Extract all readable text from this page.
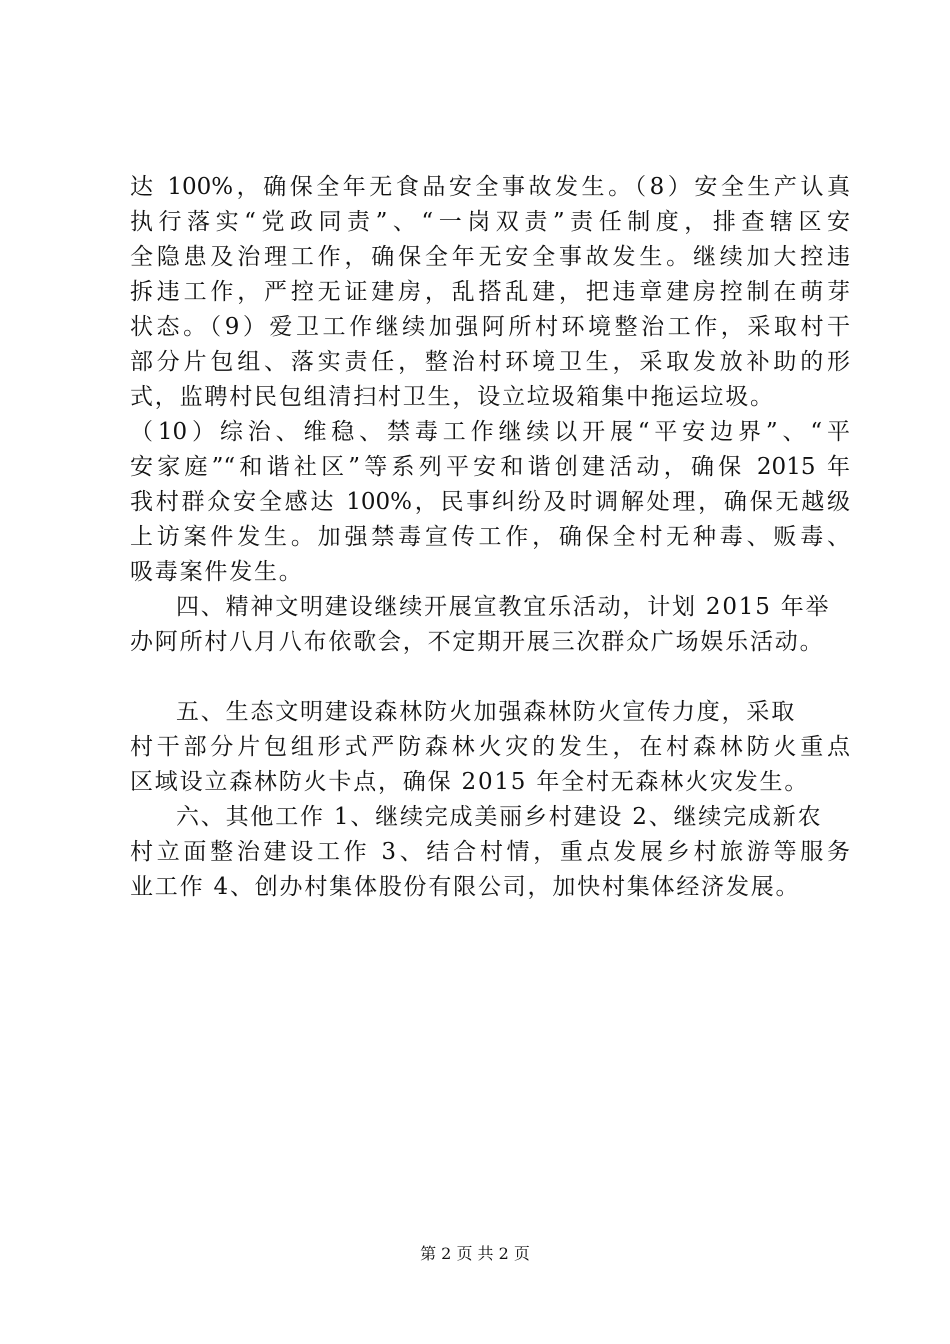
达 100%，确保全年无食品安全事故发生。（8）安全生产认真
执行落实“党政同责”、“一岗双责”责任制度，排查辖区安
全隐患及治理工作，确保全年无安全事故发生。继续加大控违
拆违工作，严控无证建房，乱搭乱建，把违章建房控制在萌芽
状态。（9）爱卫工作继续加强阿所村环境整治工作，采取村干
部分片包组、落实责任，整治村环境卫生，采取发放补助的形
式，监聘村民包组清扫村卫生，设立垃圾箱集中拖运垃圾。
（10）综治、维稳、禁毒工作继续以开展“平安边界”、“平
安家庭”“和谐社区”等系列平安和谐创建活动，确保 2015 年
我村群众安全感达 100%，民事纠纷及时调解处理，确保无越级
上访案件发生。加强禁毒宣传工作，确保全村无种毒、贩毒、
吸毒案件发生。
四、精神文明建设继续开展宣教宜乐活动，计划 2015 年举
办阿所村八月八布依歌会，不定期开展三次群众广场娱乐活动。
五、生态文明建设森林防火加强森林防火宣传力度，采取
村干部分片包组形式严防森林火灾的发生，在村森林防火重点
区域设立森林防火卡点，确保 2015 年全村无森林火灾发生。
六、其他工作 1、继续完成美丽乡村建设 2、继续完成新农
村立面整治建设工作 3、结合村情，重点发展乡村旅游等服务
业工作 4、创办村集体股份有限公司，加快村集体经济发展。
第 2 页 共 2 页
